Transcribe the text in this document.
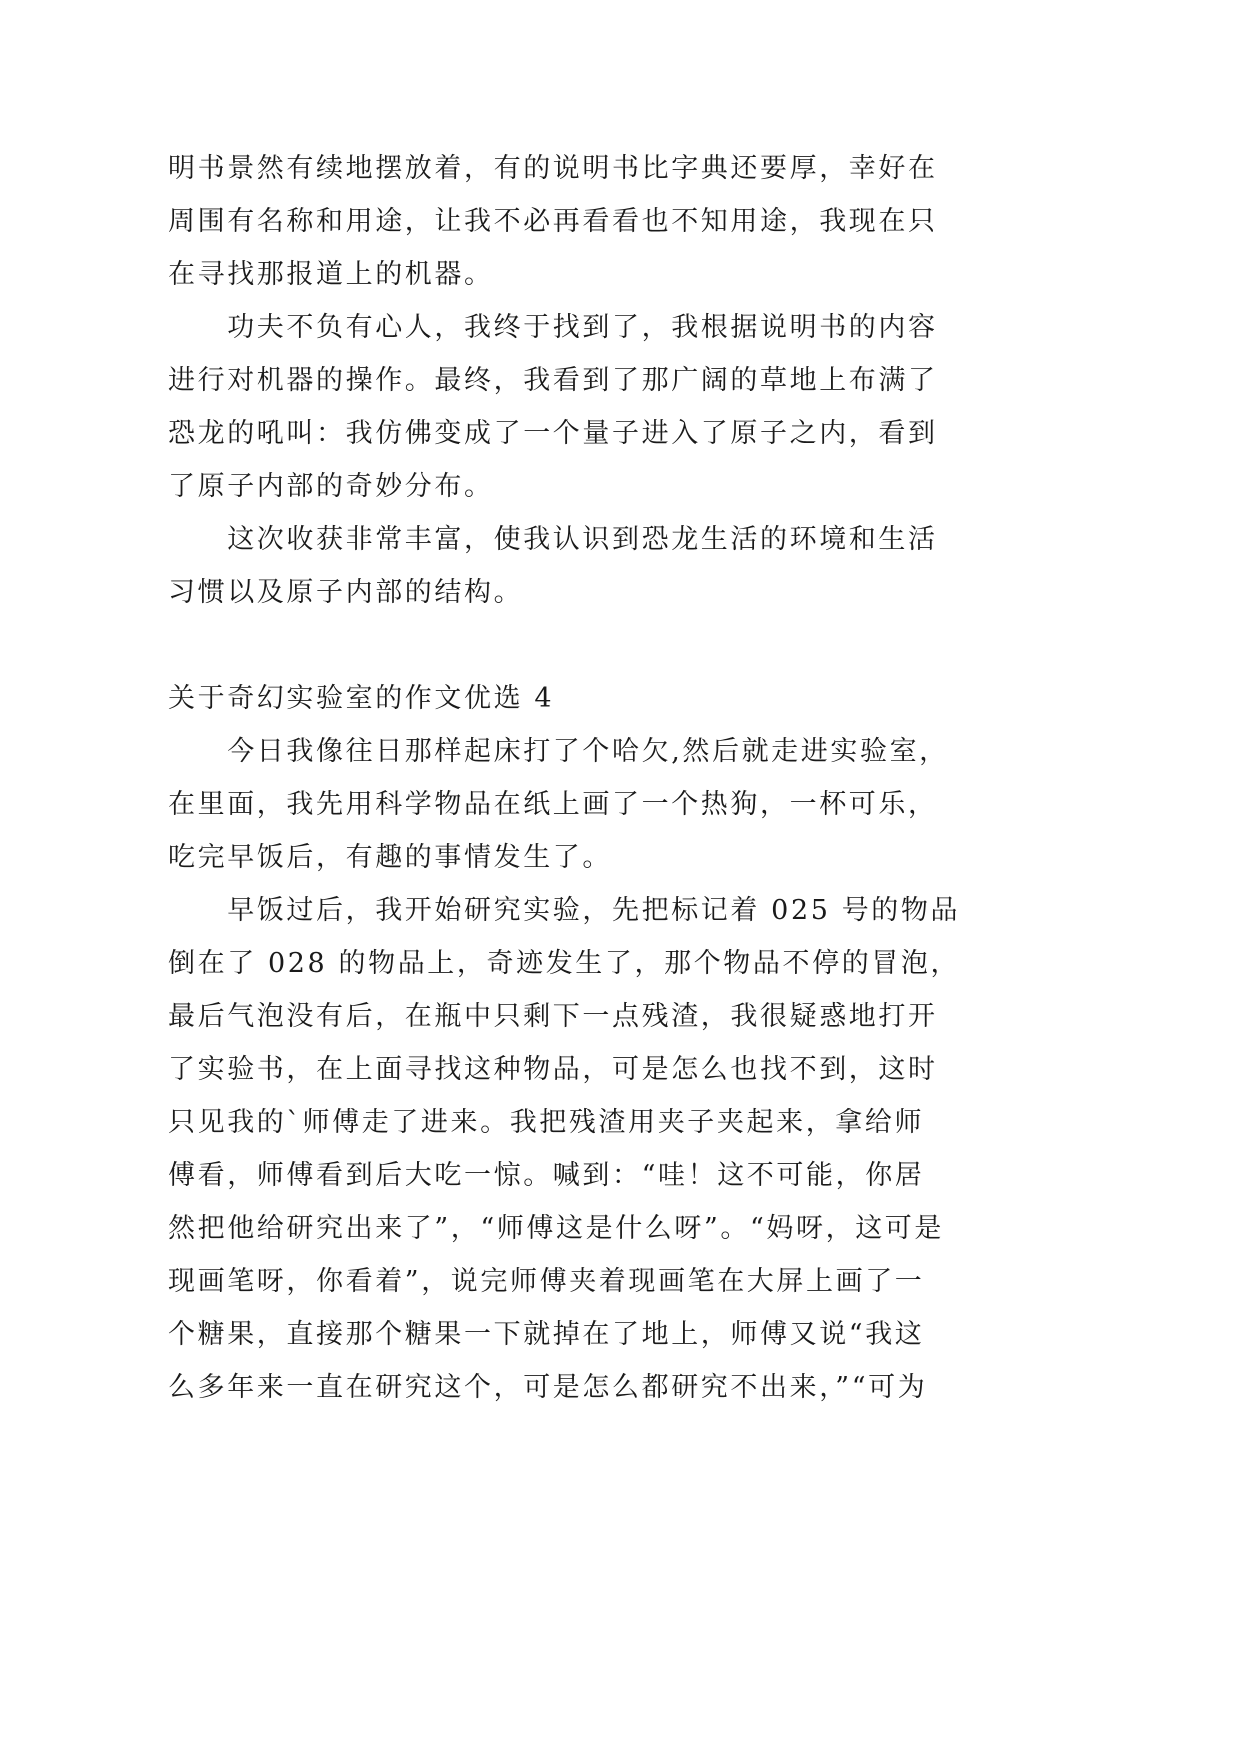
明书景然有续地摆放着，有的说明书比字典还要厚，幸好在
周围有名称和用途，让我不必再看看也不知用途，我现在只
在寻找那报道上的机器。
　　功夫不负有心人，我终于找到了，我根据说明书的内容
进行对机器的操作。最终，我看到了那广阔的草地上布满了
恐龙的吼叫：我仿佛变成了一个量子进入了原子之内，看到
了原子内部的奇妙分布。
　　这次收获非常丰富，使我认识到恐龙生活的环境和生活
习惯以及原子内部的结构。
关于奇幻实验室的作文优选 4
　　今日我像往日那样起床打了个哈欠,然后就走进实验室，
在里面，我先用科学物品在纸上画了一个热狗，一杯可乐，
吃完早饭后，有趣的事情发生了。
　　早饭过后，我开始研究实验，先把标记着 025 号的物品
倒在了 028 的物品上，奇迹发生了，那个物品不停的冒泡，
最后气泡没有后，在瓶中只剩下一点残渣，我很疑惑地打开
了实验书，在上面寻找这种物品，可是怎么也找不到，这时
只见我的`师傅走了进来。我把残渣用夹子夹起来，拿给师
傅看，师傅看到后大吃一惊。喊到：“哇！这不可能，你居
然把他给研究出来了”，“师傅这是什么呀”。“妈呀，这可是
现画笔呀，你看着”，说完师傅夹着现画笔在大屏上画了一
个糖果，直接那个糖果一下就掉在了地上，师傅又说“我这
么多年来一直在研究这个，可是怎么都研究不出来，”“可为
